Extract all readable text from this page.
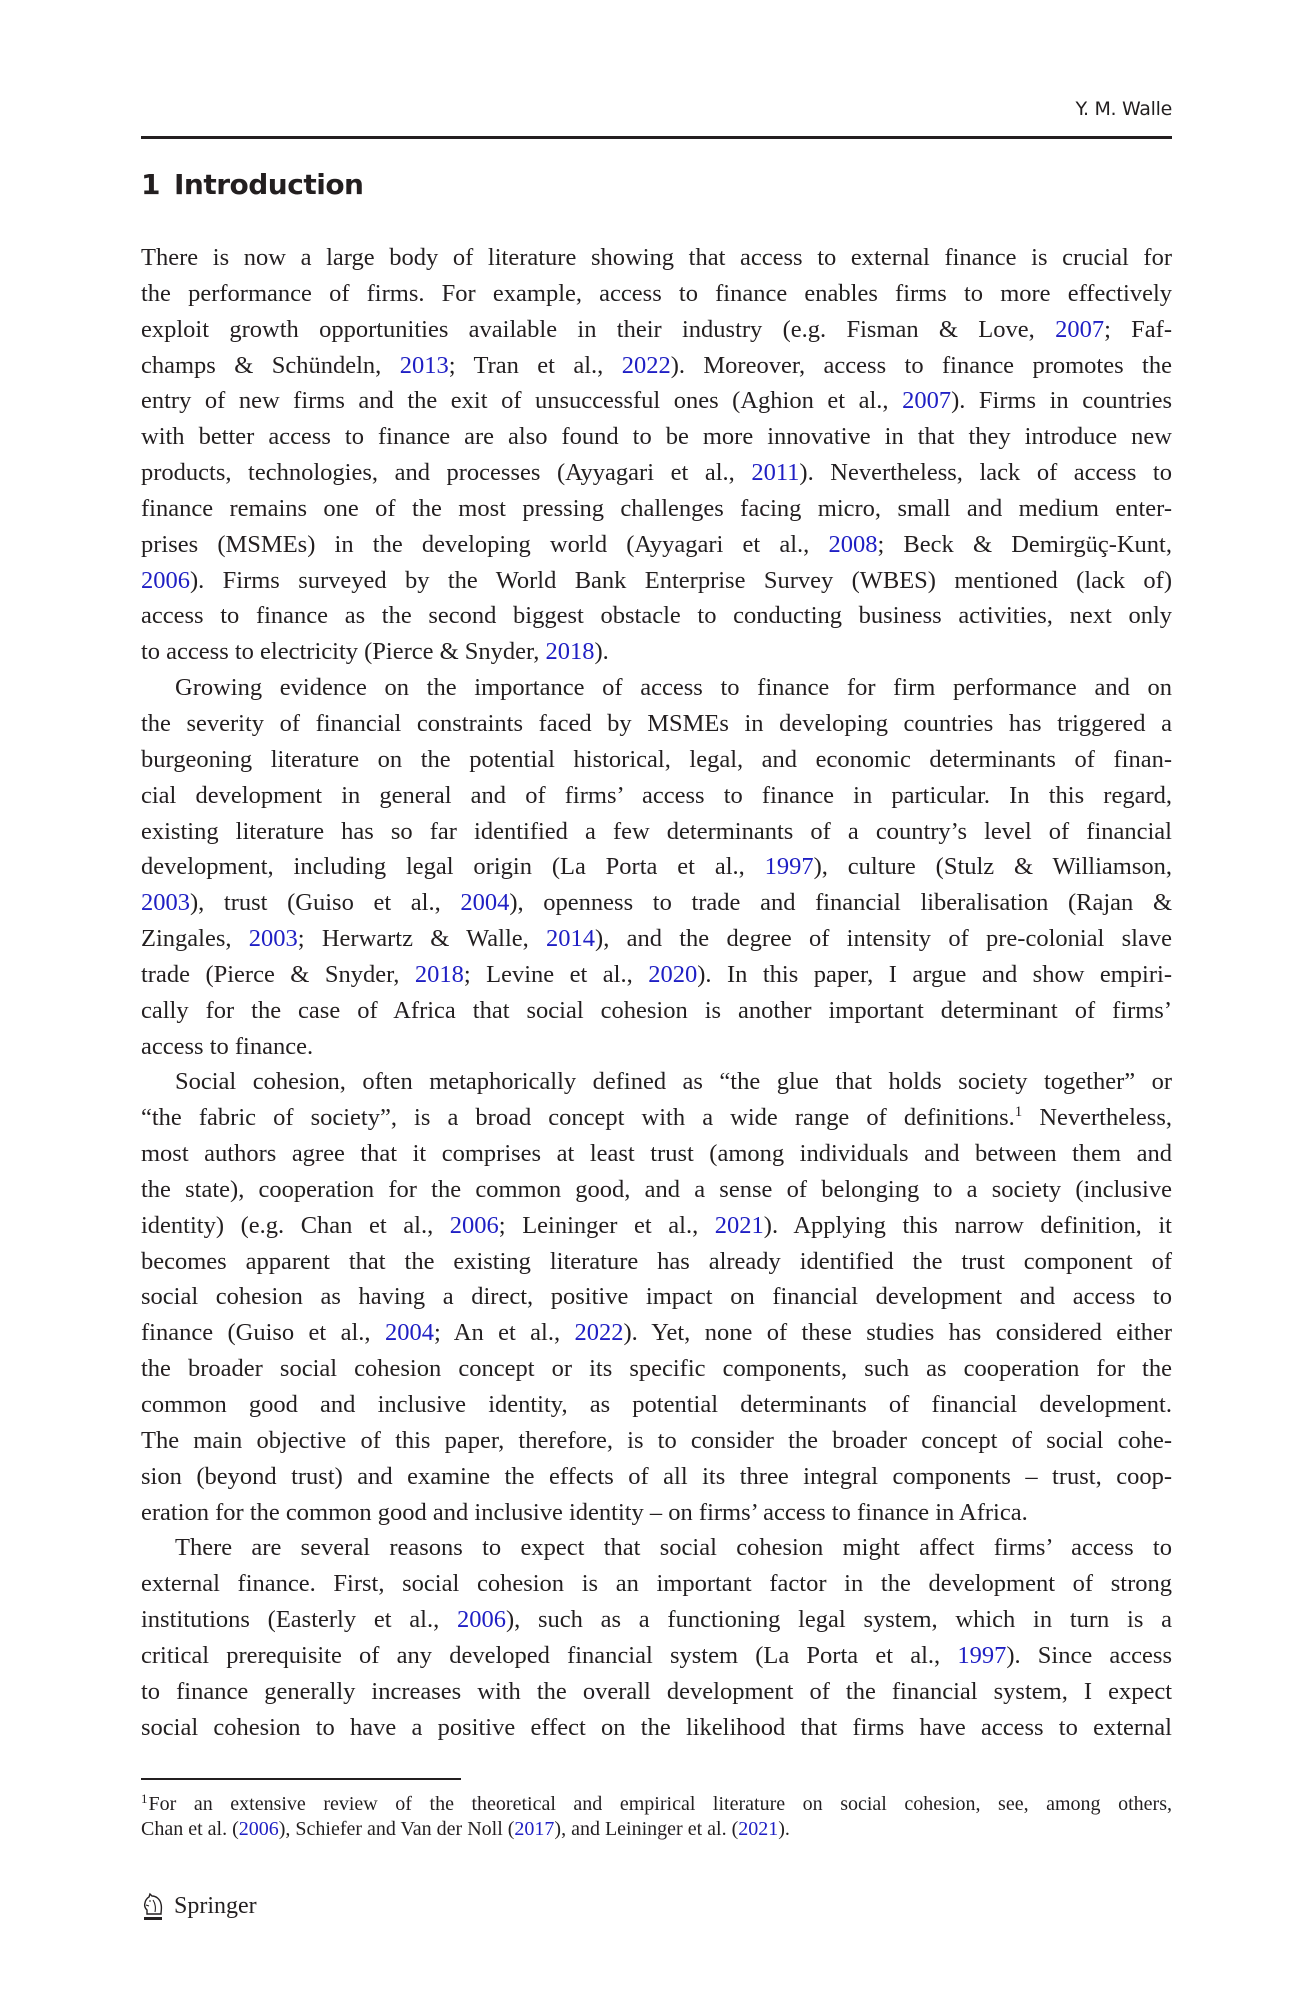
Y. M. Walle
1 Introduction
There is now a large body of literature showing that access to external finance is crucial for
the performance of firms. For example, access to finance enables firms to more effectively
exploit growth opportunities available in their industry (e.g. Fisman & Love, 2007; Faf-
champs & Schündeln, 2013; Tran et al., 2022). Moreover, access to finance promotes the
entry of new firms and the exit of unsuccessful ones (Aghion et al., 2007). Firms in countries
with better access to finance are also found to be more innovative in that they introduce new
products, technologies, and processes (Ayyagari et al., 2011). Nevertheless, lack of access to
finance remains one of the most pressing challenges facing micro, small and medium enter-
prises (MSMEs) in the developing world (Ayyagari et al., 2008; Beck & Demirgüç-Kunt,
2006). Firms surveyed by the World Bank Enterprise Survey (WBES) mentioned (lack of)
access to finance as the second biggest obstacle to conducting business activities, next only
to access to electricity (Pierce & Snyder, 2018).
Growing evidence on the importance of access to finance for firm performance and on
the severity of financial constraints faced by MSMEs in developing countries has triggered a
burgeoning literature on the potential historical, legal, and economic determinants of finan-
cial development in general and of firms’ access to finance in particular. In this regard,
existing literature has so far identified a few determinants of a country’s level of financial
development, including legal origin (La Porta et al., 1997), culture (Stulz & Williamson,
2003), trust (Guiso et al., 2004), openness to trade and financial liberalisation (Rajan &
Zingales, 2003; Herwartz & Walle, 2014), and the degree of intensity of pre-colonial slave
trade (Pierce & Snyder, 2018; Levine et al., 2020). In this paper, I argue and show empiri-
cally for the case of Africa that social cohesion is another important determinant of firms’
access to finance.
Social cohesion, often metaphorically defined as “the glue that holds society together” or
“the fabric of society”, is a broad concept with a wide range of definitions.$^1$ Nevertheless,
most authors agree that it comprises at least trust (among individuals and between them and
the state), cooperation for the common good, and a sense of belonging to a society (inclusive
identity) (e.g. Chan et al., 2006; Leininger et al., 2021). Applying this narrow definition, it
becomes apparent that the existing literature has already identified the trust component of
social cohesion as having a direct, positive impact on financial development and access to
finance (Guiso et al., 2004; An et al., 2022). Yet, none of these studies has considered either
the broader social cohesion concept or its specific components, such as cooperation for the
common good and inclusive identity, as potential determinants of financial development.
The main objective of this paper, therefore, is to consider the broader concept of social cohe-
sion (beyond trust) and examine the effects of all its three integral components – trust, coop-
eration for the common good and inclusive identity – on firms’ access to finance in Africa.
There are several reasons to expect that social cohesion might affect firms’ access to
external finance. First, social cohesion is an important factor in the development of strong
institutions (Easterly et al., 2006), such as a functioning legal system, which in turn is a
critical prerequisite of any developed financial system (La Porta et al., 1997). Since access
to finance generally increases with the overall development of the financial system, I expect
social cohesion to have a positive effect on the likelihood that firms have access to external
$^1$For an extensive review of the theoretical and empirical literature on social cohesion, see, among others,
Chan et al. (2006), Schiefer and Van der Noll (2017), and Leininger et al. (2021).
Springer
